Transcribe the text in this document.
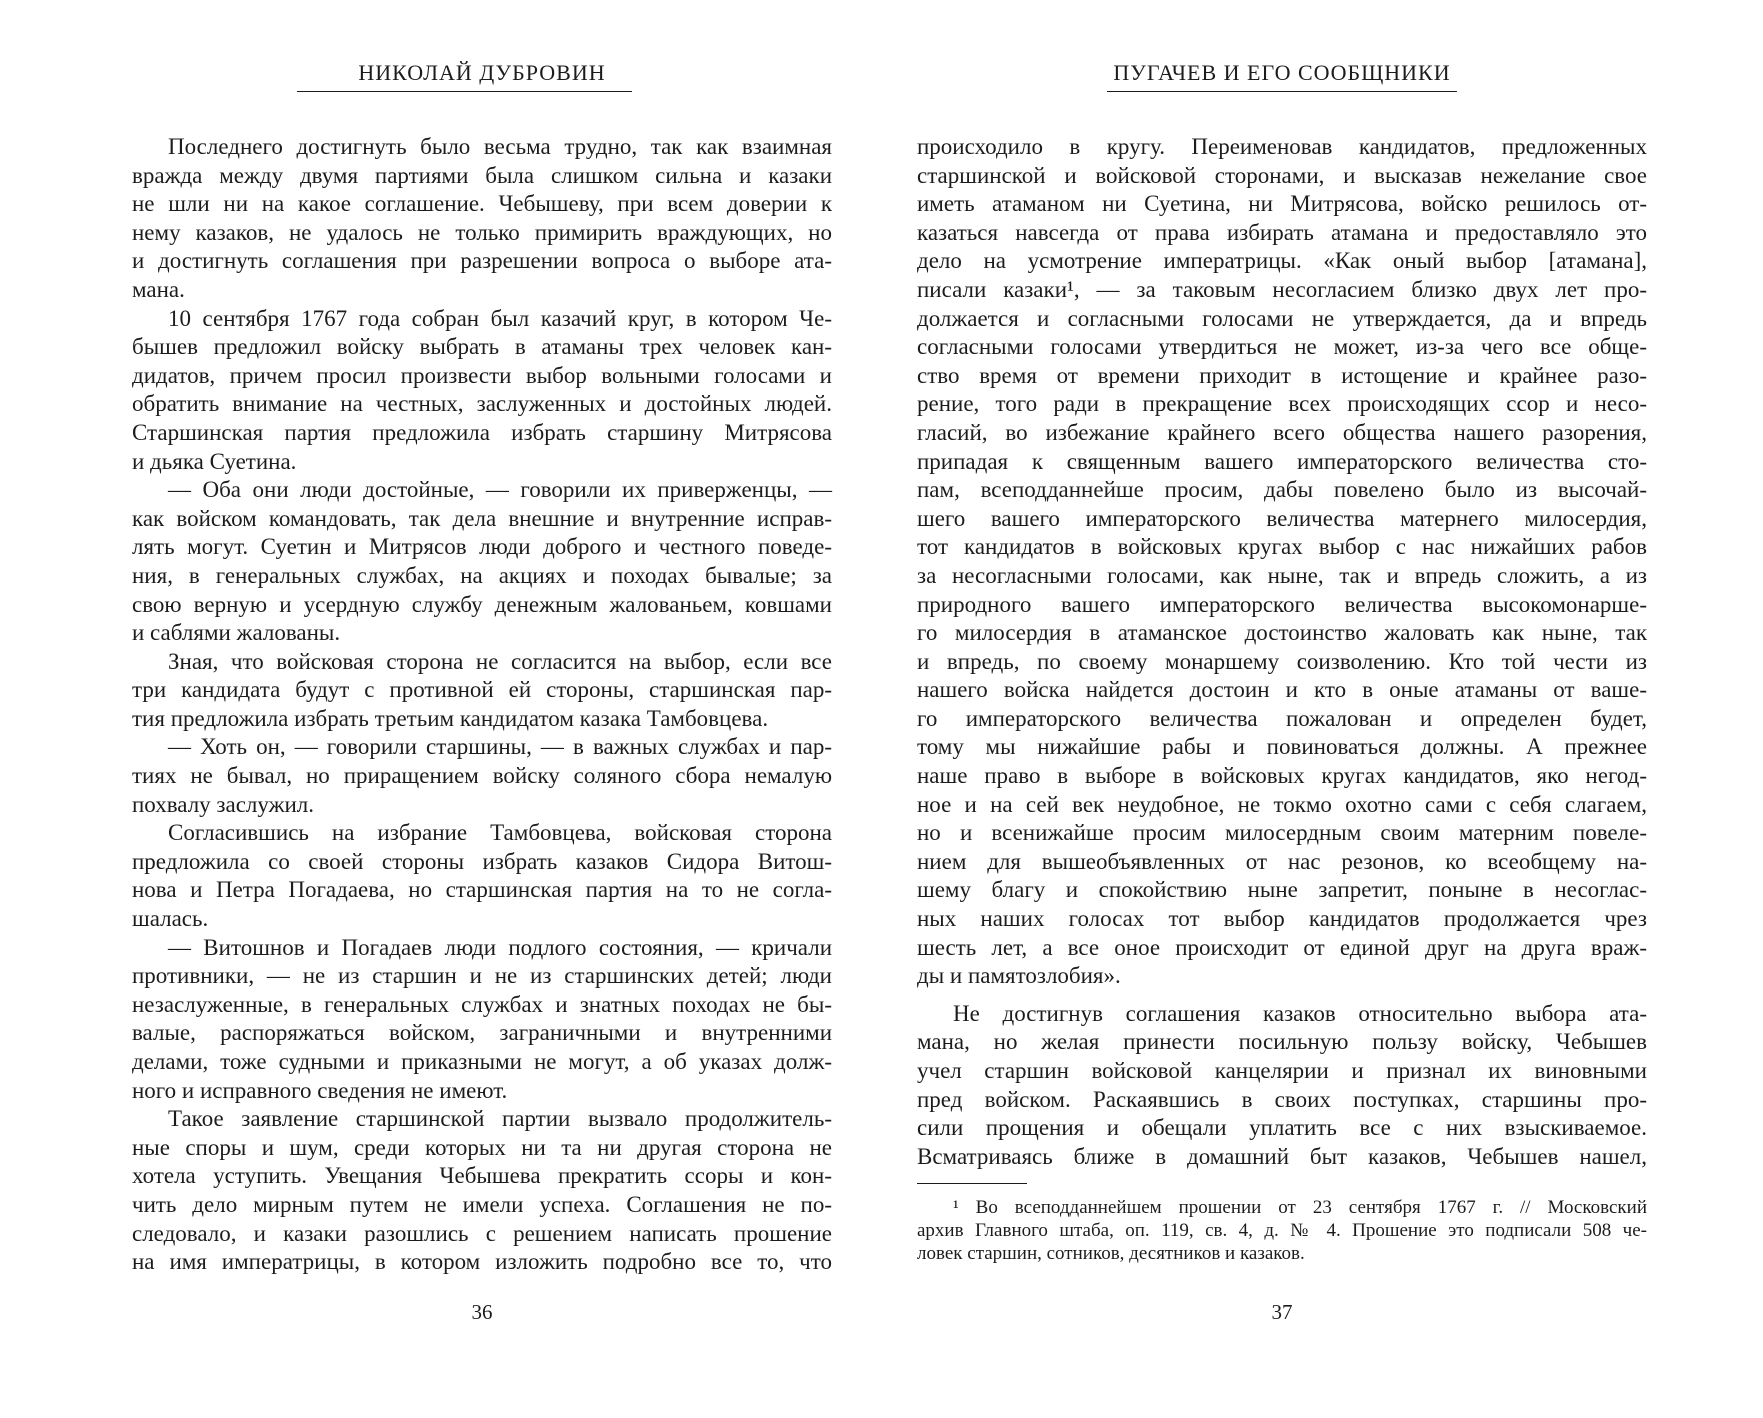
НИКОЛАЙ ДУБРОВИН
Последнего достигнуть было весьма трудно, так как взаимная
вражда между двумя партиями была слишком сильна и казаки
не шли ни на какое соглашение. Чебышеву, при всем доверии к
нему казаков, не удалось не только примирить враждующих, но
и достигнуть соглашения при разрешении вопроса о выборе ата-
мана.
10 сентября 1767 года собран был казачий круг, в котором Че-
бышев предложил войску выбрать в атаманы трех человек кан-
дидатов, причем просил произвести выбор вольными голосами и
обратить внимание на честных, заслуженных и достойных людей.
Старшинская партия предложила избрать старшину Митрясова
и дьяка Суетина.
— Оба они люди достойные, — говорили их приверженцы, —
как войском командовать, так дела внешние и внутренние исправ-
лять могут. Суетин и Митрясов люди доброго и честного поведе-
ния, в генеральных службах, на акциях и походах бывалые; за
свою верную и усердную службу денежным жалованьем, ковшами
и саблями жалованы.
Зная, что войсковая сторона не согласится на выбор, если все
три кандидата будут с противной ей стороны, старшинская пар-
тия предложила избрать третьим кандидатом казака Тамбовцева.
— Хоть он, — говорили старшины, — в важных службах и пар-
тиях не бывал, но приращением войску соляного сбора немалую
похвалу заслужил.
Согласившись на избрание Тамбовцева, войсковая сторона
предложила со своей стороны избрать казаков Сидора Витош-
нова и Петра Погадаева, но старшинская партия на то не согла-
шалась.
— Витошнов и Погадаев люди подлого состояния, — кричали
противники, — не из старшин и не из старшинских детей; люди
незаслуженные, в генеральных службах и знатных походах не бы-
валые, распоряжаться войском, заграничными и внутренними
делами, тоже судными и приказными не могут, а об указах долж-
ного и исправного сведения не имеют.
Такое заявление старшинской партии вызвало продолжитель-
ные споры и шум, среди которых ни та ни другая сторона не
хотела уступить. Увещания Чебышева прекратить ссоры и кон-
чить дело мирным путем не имели успеха. Соглашения не по-
следовало, и казаки разошлись с решением написать прошение
на имя императрицы, в котором изложить подробно все то, что
36
ПУГАЧЕВ И ЕГО СООБЩНИКИ
происходило в кругу. Переименовав кандидатов, предложенных
старшинской и войсковой сторонами, и высказав нежелание свое
иметь атаманом ни Суетина, ни Митрясова, войско решилось от-
казаться навсегда от права избирать атамана и предоставляло это
дело на усмотрение императрицы. «Как оный выбор [атамана],
писали казаки¹, — за таковым несогласием близко двух лет про-
должается и согласными голосами не утверждается, да и впредь
согласными голосами утвердиться не может, из-за чего все обще-
ство время от времени приходит в истощение и крайнее разо-
рение, того ради в прекращение всех происходящих ссор и несо-
гласий, во избежание крайнего всего общества нашего разорения,
припадая к священным вашего императорского величества сто-
пам, всеподданнейше просим, дабы повелено было из высочай-
шего вашего императорского величества матернего милосердия,
тот кандидатов в войсковых кругах выбор с нас нижайших рабов
за несогласными голосами, как ныне, так и впредь сложить, а из
природного вашего императорского величества высокомонарше-
го милосердия в атаманское достоинство жаловать как ныне, так
и впредь, по своему монаршему соизволению. Кто той чести из
нашего войска найдется достоин и кто в оные атаманы от ваше-
го императорского величества пожалован и определен будет,
тому мы нижайшие рабы и повиноваться должны. А прежнее
наше право в выборе в войсковых кругах кандидатов, яко негод-
ное и на сей век неудобное, не токмо охотно сами с себя слагаем,
но и всенижайше просим милосердным своим матерним повеле-
нием для вышеобъявленных от нас резонов, ко всеобщему на-
шему благу и спокойствию ныне запретит, поныне в несоглас-
ных наших голосах тот выбор кандидатов продолжается чрез
шесть лет, а все оное происходит от единой друг на друга враж-
ды и памятозлобия».
Не достигнув соглашения казаков относительно выбора ата-
мана, но желая принести посильную пользу войску, Чебышев
учел старшин войсковой канцелярии и признал их виновными
пред войском. Раскаявшись в своих поступках, старшины про-
сили прощения и обещали уплатить все с них взыскиваемое.
Всматриваясь ближе в домашний быт казаков, Чебышев нашел,
¹ Во всеподданнейшем прошении от 23 сентября 1767 г. // Московский
архив Главного штаба, оп. 119, св. 4, д. № 4. Прошение это подписали 508 че-
ловек старшин, сотников, десятников и казаков.
37
